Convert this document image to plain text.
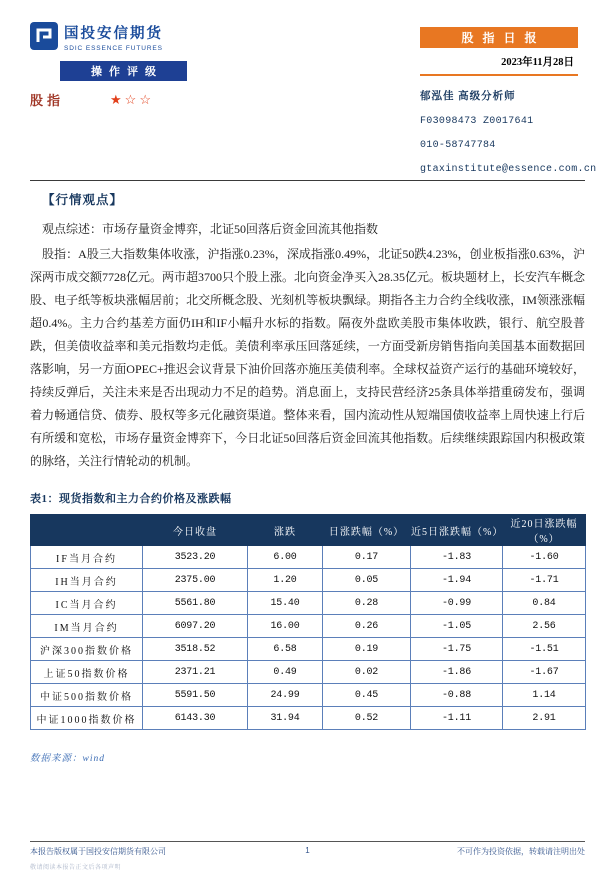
国投安信期货
SDIC ESSENCE FUTURES
股指日报
2023年11月28日
操作评级
股指	★☆☆	郁泓佳 高级分析师
F03098473 Z0017641
010-58747784
gtaxinstitute@essence.com.cn
【行情观点】

观点综述：市场存量资金博弈，北证50回落后资金回流其他指数

股指：A股三大指数集体收涨，沪指涨0.23%，深成指涨0.49%，北证50跌4.23%，创业板指涨0.63%，沪深两市成交额7728亿元。两市超3700只个股上涨。北向资金净买入28.35亿元。板块题材上，长安汽车概念股、电子纸等板块涨幅居前；北交所概念股、光刻机等板块飘绿。期指各主力合约全线收涨，IM领涨涨幅超0.4%。主力合约基差方面仍IH和IF小幅升水标的指数。隔夜外盘欧美股市集体收跌，银行、航空股普跌，但美债收益率和美元指数均走低。美债利率承压回落延续，一方面受新房销售指向美国基本面数据回落影响，另一方面OPEC+推迟会议背景下油价回落亦施压美债利率。全球权益资产运行的基础环境较好，持续反弹后，关注未来是否出现动力不足的趋势。消息面上，支持民营经济25条具体举措重磅发布，强调着力畅通信贷、债券、股权等多元化融资渠道。整体来看，国内流动性从短端国债收益率上周快速上行后有所缓和宽松，市场存量资金博弈下，今日北证50回落后资金回流其他指数。后续继续跟踪国内积极政策的脉络，关注行情轮动的机制。

表1：现货指数和主力合约价格及涨跌幅
	今日收盘	涨跌	日涨跌幅（%）	近5日涨跌幅（%）	近20日涨跌幅（%）
IF当月合约	3523.20	6.00	0.17	-1.83	-1.60
IH当月合约	2375.00	1.20	0.05	-1.94	-1.71
IC当月合约	5561.80	15.40	0.28	-0.99	0.84
IM当月合约	6097.20	16.00	0.26	-1.05	2.56
沪深300指数价格	3518.52	6.58	0.19	-1.75	-1.51
上证50指数价格	2371.21	0.49	0.02	-1.86	-1.67
中证500指数价格	5591.50	24.99	0.45	-0.88	1.14
中证1000指数价格	6143.30	31.94	0.52	-1.11	2.91
数据来源：wind
本报告版权属于国投安信期货有限公司	1	不可作为投资依据，转载请注明出处
敬请阅读本报告正文后各项声明
